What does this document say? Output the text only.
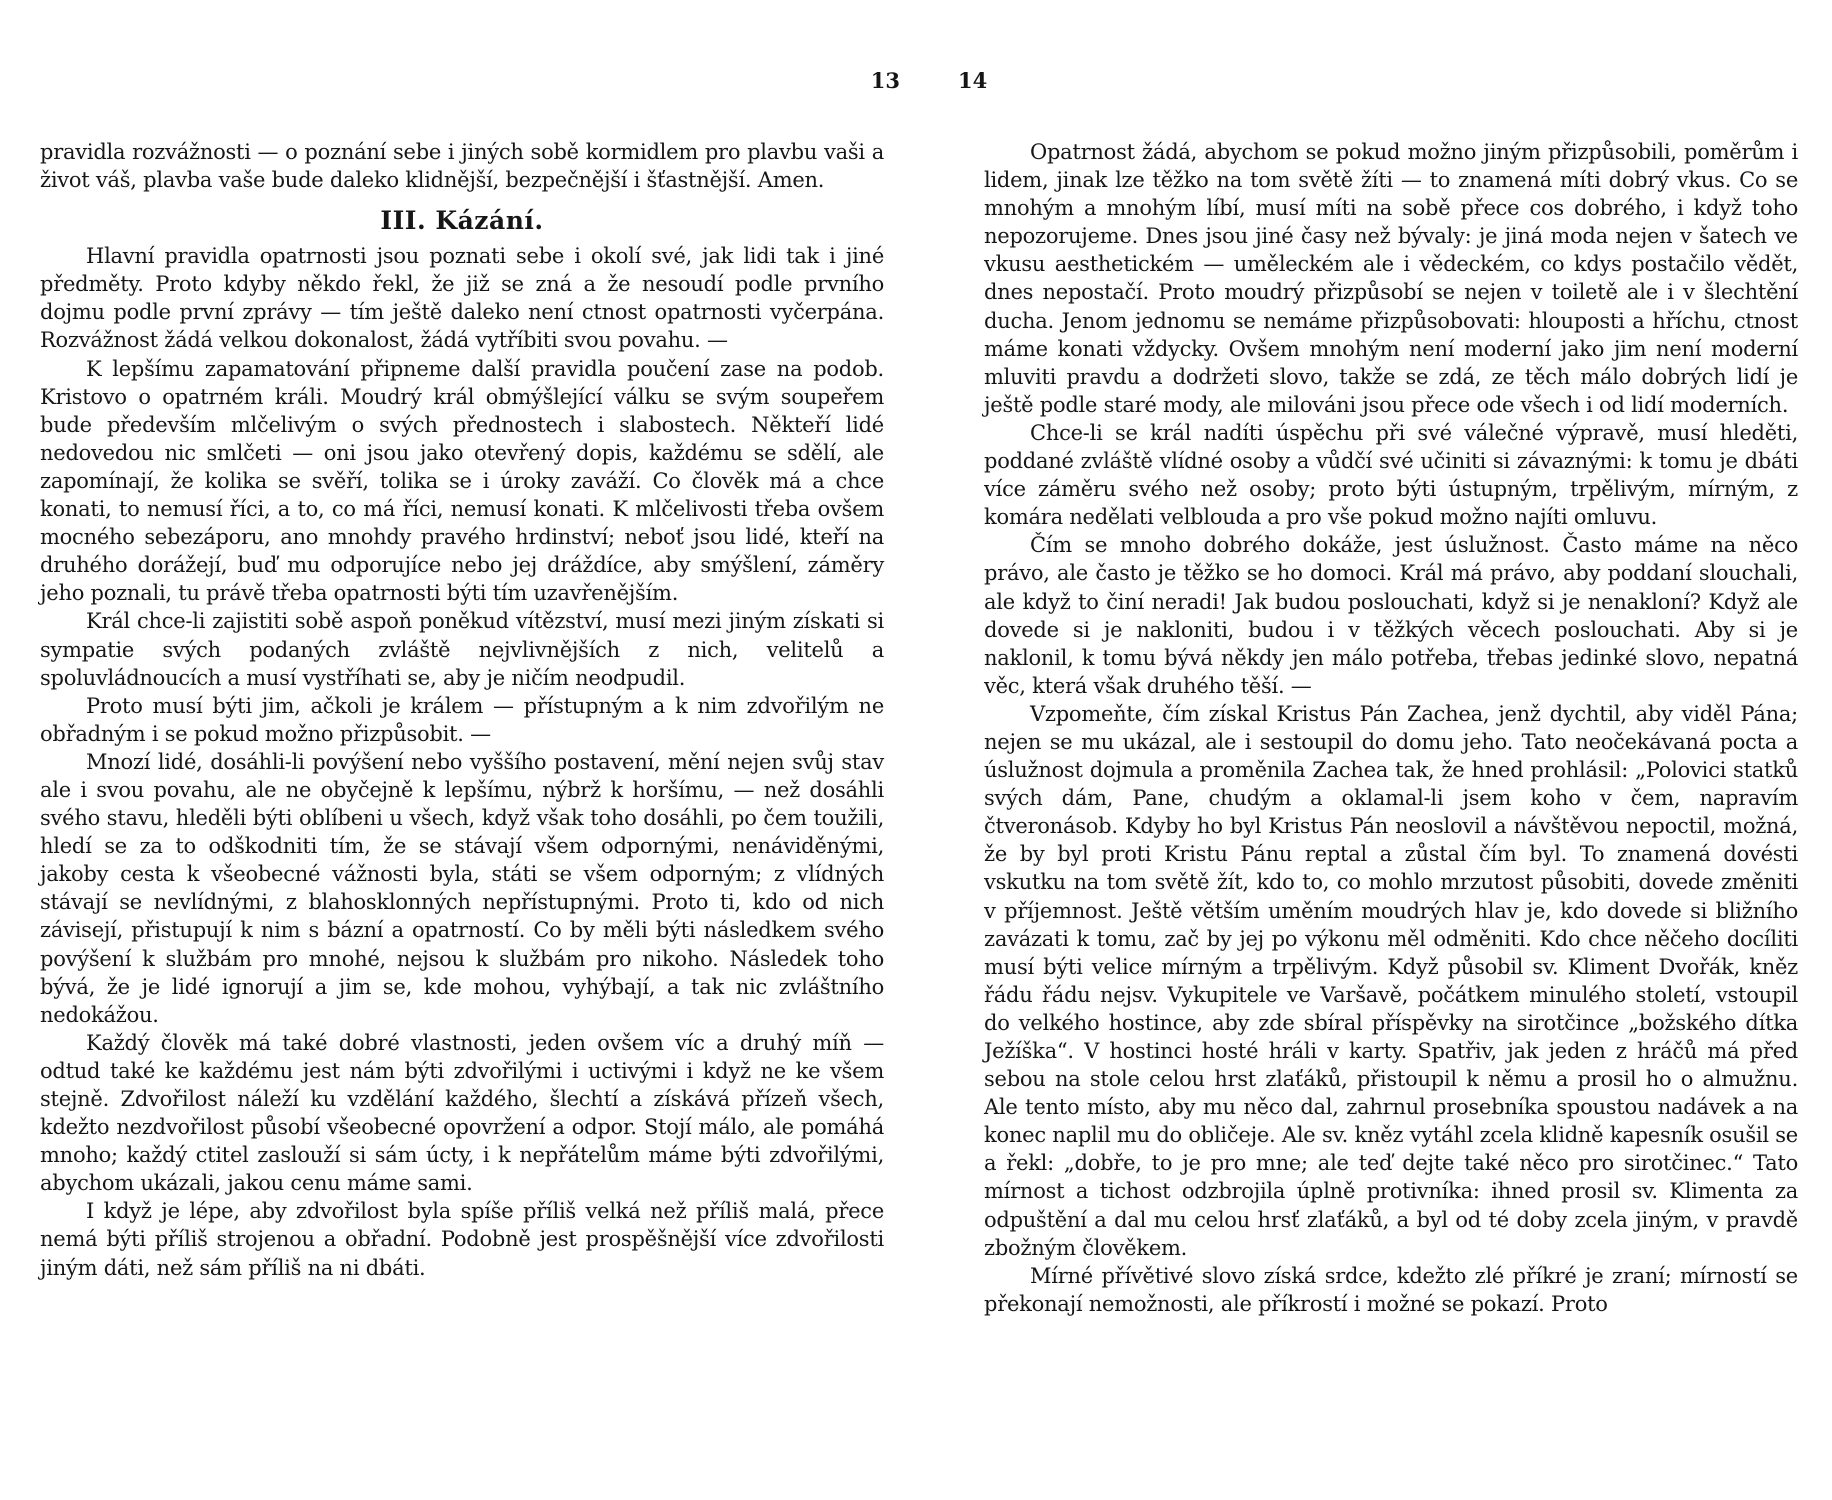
13

pravidla rozvážnosti — o poznání sebe i jiných sobě kormidlem pro plavbu vaši a život váš, plavba vaše bude daleko klidnější, bezpečnější i šťastnější. Amen.

III. Kázání.

Hlavní pravidla opatrnosti jsou poznati sebe i okolí své, jak lidi tak i jiné předměty. Proto kdyby někdo řekl, že již se zná a že nesoudí podle prvního dojmu podle první zprávy — tím ještě daleko není ctnost opatrnosti vyčerpána. Rozvážnost žádá velkou dokonalost, žádá vytříbiti svou povahu. —

K lepšímu zapamatování připneme další pravidla poučení zase na podob. Kristovo o opatrném králi. Moudrý král obmýšlející válku se svým soupeřem bude především mlčelivým o svých přednostech i slabostech. Někteří lidé nedovedou nic smlčeti — oni jsou jako otevřený dopis, každému se sdělí, ale zapomínají, že kolika se svěří, tolika se i úroky zaváží. Co člověk má a chce konati, to nemusí říci, a to, co má říci, nemusí konati. K mlčelivosti třeba ovšem mocného sebezáporu, ano mnohdy pravého hrdinství; neboť jsou lidé, kteří na druhého dorážejí, buď mu odporujíce nebo jej dráždíce, aby smýšlení, záměry jeho poznali, tu právě třeba opatrnosti býti tím uzavřenějším.

Král chce-li zajistiti sobě aspoň poněkud vítězství, musí mezi jiným získati si sympatie svých podaných zvláště nejvlivnějších z nich, velitelů a spoluvládnoucích a musí vystříhati se, aby je ničím neodpudil.

Proto musí býti jim, ačkoli je králem — přístupným a k nim zdvořilým ne obřadným i se pokud možno přizpůsobit. —

Mnozí lidé, dosáhli-li povýšení nebo vyššího postavení, mění nejen svůj stav ale i svou povahu, ale ne obyčejně k lepšímu, nýbrž k horšímu, — než dosáhli svého stavu, hleděli býti oblíbeni u všech, když však toho dosáhli, po čem toužili, hledí se za to odškodniti tím, že se stávají všem odpornými, nenáviděnými, jakoby cesta k všeobecné vážnosti byla, státi se všem odporným; z vlídných stávají se nevlídnými, z blahosklonných nepřístupnými. Proto ti, kdo od nich závisejí, přistupují k nim s bázní a opatrností. Co by měli býti následkem svého povýšení k službám pro mnohé, nejsou k službám pro nikoho. Následek toho bývá, že je lidé ignorují a jim se, kde mohou, vyhýbají, a tak nic zvláštního nedokážou.

Každý člověk má také dobré vlastnosti, jeden ovšem víc a druhý míň — odtud také ke každému jest nám býti zdvořilými i uctivými i když ne ke všem stejně. Zdvořilost náleží ku vzdělání každého, šlechtí a získává přízeň všech, kdežto nezdvořilost působí všeobecné opovržení a odpor. Stojí málo, ale pomáhá mnoho; každý ctitel zaslouží si sám úcty, i k nepřátelům máme býti zdvořilými, abychom ukázali, jakou cenu máme sami.

I když je lépe, aby zdvořilost byla spíše příliš velká než příliš malá, přece nemá býti příliš strojenou a obřadní. Podobně jest prospěšnější více zdvořilosti jiným dáti, než sám příliš na ni dbáti.

14

Opatrnost žádá, abychom se pokud možno jiným přizpůsobili, poměrům i lidem, jinak lze těžko na tom světě žíti — to znamená míti dobrý vkus. Co se mnohým a mnohým líbí, musí míti na sobě přece cos dobrého, i když toho nepozorujeme. Dnes jsou jiné časy než bývaly: je jiná moda nejen v šatech ve vkusu aesthetickém — uměleckém ale i vědeckém, co kdys postačilo vědět, dnes nepostačí. Proto moudrý přizpůsobí se nejen v toiletě ale i v šlechtění ducha. Jenom jednomu se nemáme přizpůsobovati: hlouposti a hříchu, ctnost máme konati vždycky. Ovšem mnohým není moderní jako jim není moderní mluviti pravdu a dodržeti slovo, takže se zdá, ze těch málo dobrých lidí je ještě podle staré mody, ale milováni jsou přece ode všech i od lidí moderních.

Chce-li se král nadíti úspěchu při své válečné výpravě, musí hleděti, poddané zvláště vlídné osoby a vůdčí své učiniti si závaznými: k tomu je dbáti více záměru svého než osoby; proto býti ústupným, trpělivým, mírným, z komára nedělati velblouda a pro vše pokud možno najíti omluvu.

Čím se mnoho dobrého dokáže, jest úslužnost. Často máme na něco právo, ale často je těžko se ho domoci. Král má právo, aby poddaní slouchali, ale když to činí neradi! Jak budou poslouchati, když si je nenakloní? Když ale dovede si je nakloniti, budou i v těžkých věcech poslouchati. Aby si je naklonil, k tomu bývá někdy jen málo potřeba, třebas jedinké slovo, nepatná věc, která však druhého těší. —

Vzpomeňte, čím získal Kristus Pán Zachea, jenž dychtil, aby viděl Pána; nejen se mu ukázal, ale i sestoupil do domu jeho. Tato neočekávaná pocta a úslužnost dojmula a proměnila Zachea tak, že hned prohlásil: „Polovici statků svých dám, Pane, chudým a oklamal-li jsem koho v čem, napravím čtveronásob. Kdyby ho byl Kristus Pán neoslovil a návštěvou nepoctil, možná, že by byl proti Kristu Pánu reptal a zůstal čím byl. To znamená dovésti vskutku na tom světě žít, kdo to, co mohlo mrzutost působiti, dovede změniti v příjemnost. Ještě větším uměním moudrých hlav je, kdo dovede si bližního zavázati k tomu, zač by jej po výkonu měl odměniti. Kdo chce něčeho docíliti musí býti velice mírným a trpělivým. Když působil sv. Kliment Dvořák, kněz řádu řádu nejsv. Vykupitele ve Varšavě, počátkem minulého století, vstoupil do velkého hostince, aby zde sbíral příspěvky na sirotčince „božského dítka Ježíška“. V hostinci hosté hráli v karty. Spatřiv, jak jeden z hráčů má před sebou na stole celou hrst zlaťáků, přistoupil k němu a prosil ho o almužnu. Ale tento místo, aby mu něco dal, zahrnul prosebníka spoustou nadávek a na konec naplil mu do obličeje. Ale sv. kněz vytáhl zcela klidně kapesník osušil se a řekl: „dobře, to je pro mne; ale teď dejte také něco pro sirotčinec.“ Tato mírnost a tichost odzbrojila úplně protivníka: ihned prosil sv. Klimenta za odpuštění a dal mu celou hrsť zlaťáků, a byl od té doby zcela jiným, v pravdě zbožným člověkem.

Mírné přívětivé slovo získá srdce, kdežto zlé příkré je zraní; mírností se překonají nemožnosti, ale příkrostí i možné se pokazí. Proto
